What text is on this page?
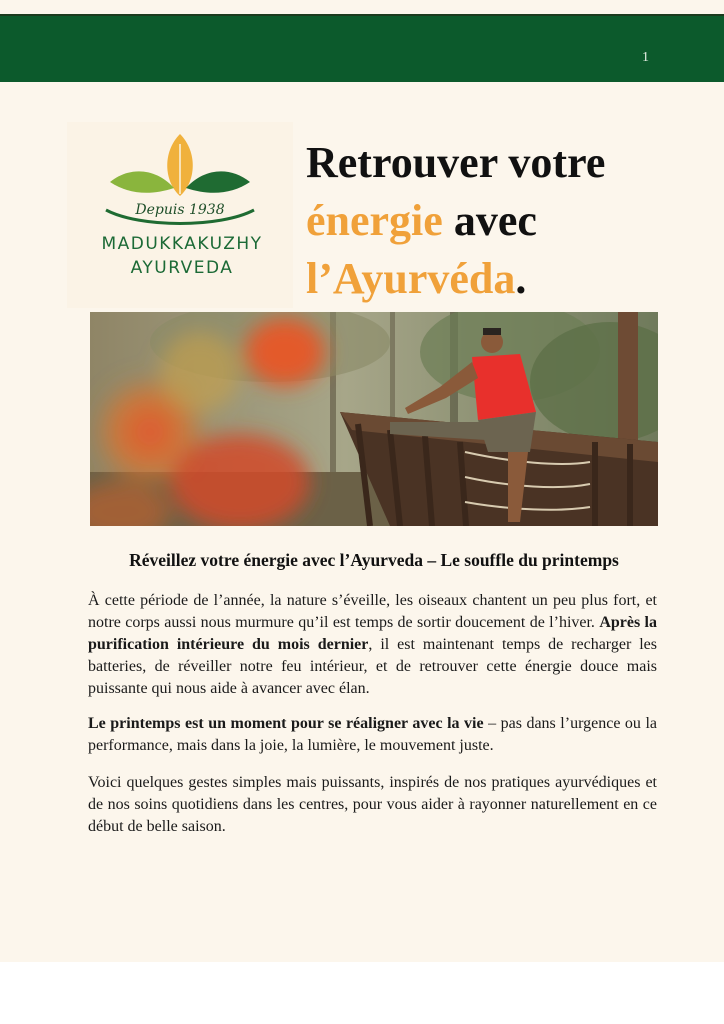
1
Depuis 1938
MADUKKAKUZHY
AYURVEDA
Retrouver votre
énergie avec
l’Ayurvéda.
Réveillez votre énergie avec l’Ayurveda – Le souffle du printemps
À cette période de l’année, la nature s’éveille, les oiseaux chantent un peu plus fort, et notre corps aussi nous murmure qu’il est temps de sortir doucement de l’hiver. Après la purification intérieure du mois dernier, il est maintenant temps de recharger les batteries, de réveiller notre feu intérieur, et de retrouver cette énergie douce mais puissante qui nous aide à avancer avec élan.
Le printemps est un moment pour se réaligner avec la vie – pas dans l’urgence ou la performance, mais dans la joie, la lumière, le mouvement juste.
Voici quelques gestes simples mais puissants, inspirés de nos pratiques ayurvédiques et de nos soins quotidiens dans les centres, pour vous aider à rayonner naturellement en ce début de belle saison.
